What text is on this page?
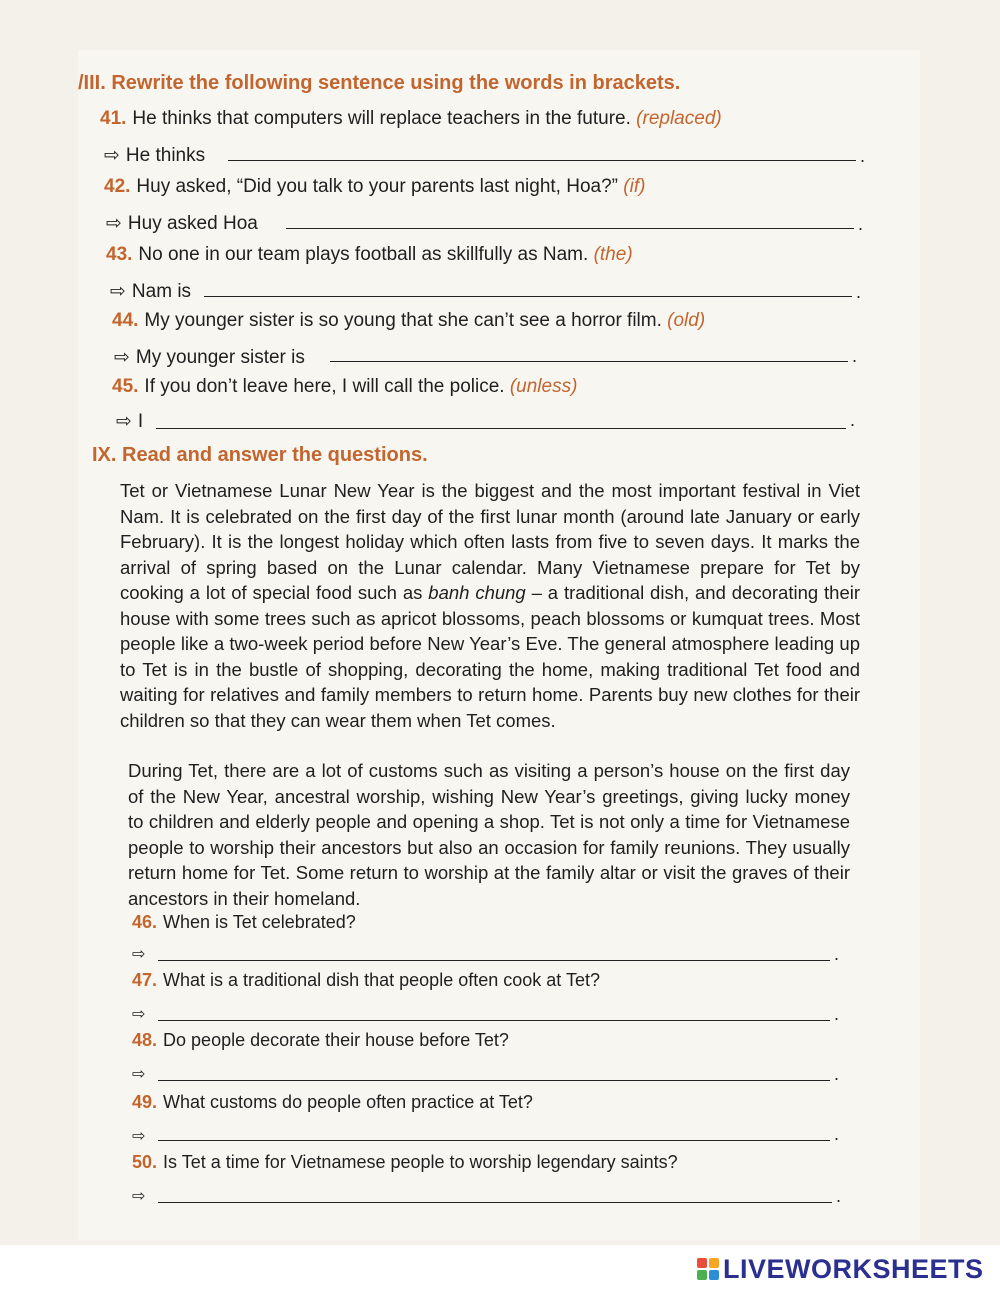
/III. Rewrite the following sentence using the words in brackets.
41. He thinks that computers will replace teachers in the future. (replaced)
⇨ He thinks	.
42. Huy asked, “Did you talk to your parents last night, Hoa?” (if)
⇨ Huy asked Hoa	.
43. No one in our team plays football as skillfully as Nam. (the)
⇨ Nam is	.
44. My younger sister is so young that she can’t see a horror film. (old)
⇨ My younger sister is	.
45. If you don’t leave here, I will call the police. (unless)
⇨ I	.
IX. Read and answer the questions.

Tet or Vietnamese Lunar New Year is the biggest and the most important festival in Viet Nam. It is celebrated on the first day of the first lunar month (around late January or early February). It is the longest holiday which often lasts from five to seven days. It marks the arrival of spring based on the Lunar calendar. Many Vietnamese prepare for Tet by cooking a lot of special food such as banh chung – a traditional dish, and decorating their house with some trees such as apricot blossoms, peach blossoms or kumquat trees. Most people like a two-week period before New Year’s Eve. The general atmosphere leading up to Tet is in the bustle of shopping, decorating the home, making traditional Tet food and waiting for relatives and family members to return home. Parents buy new clothes for their children so that they can wear them when Tet comes.

During Tet, there are a lot of customs such as visiting a person’s house on the first day of the New Year, ancestral worship, wishing New Year’s greetings, giving lucky money to children and elderly people and opening a shop. Tet is not only a time for Vietnamese people to worship their ancestors but also an occasion for family reunions. They usually return home for Tet. Some return to worship at the family altar or visit the graves of their ancestors in their homeland.

46. When is Tet celebrated?
⇨	.
47. What is a traditional dish that people often cook at Tet?
⇨	.
48. Do people decorate their house before Tet?
⇨	.
49. What customs do people often practice at Tet?
⇨	.
50. Is Tet a time for Vietnamese people to worship legendary saints?
⇨	.
LIVEWORKSHEETS
